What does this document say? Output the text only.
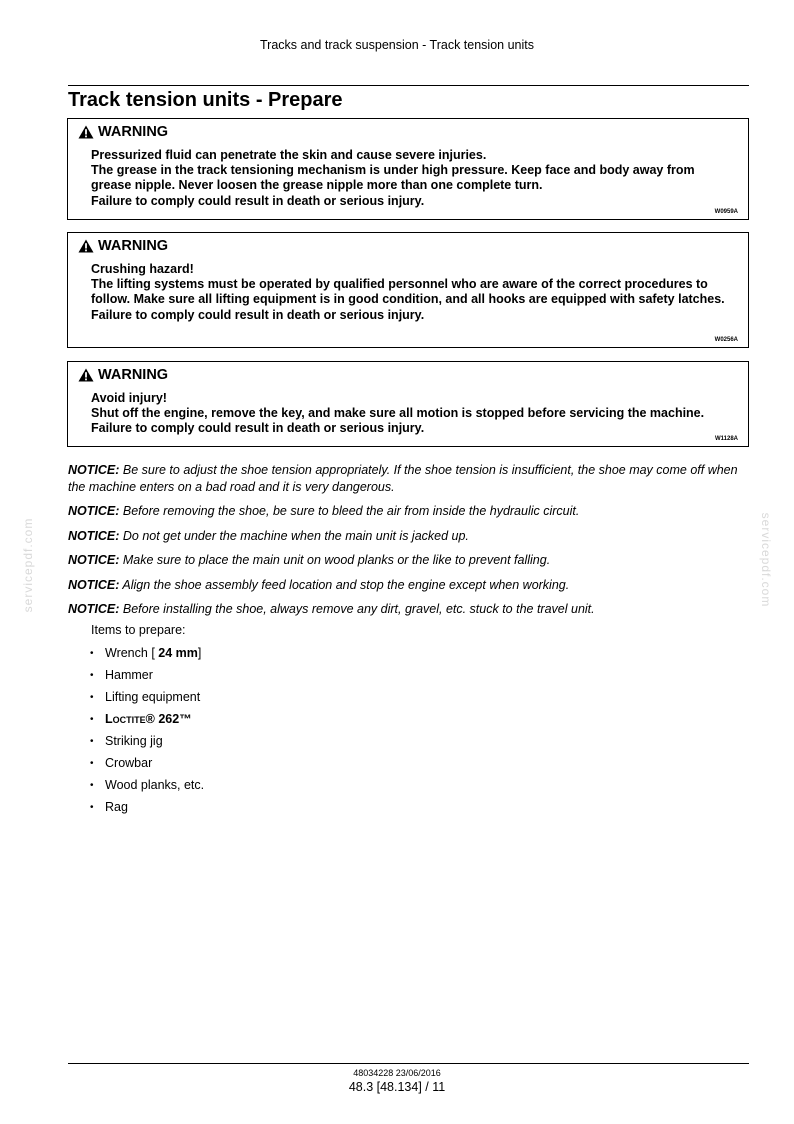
servicepdf.com	servicepdf.com
Tracks and track suspension - Track tension units
Track tension units - Prepare
WARNING
Pressurized fluid can penetrate the skin and cause severe injuries.
The grease in the track tensioning mechanism is under high pressure. Keep face and body away from grease nipple. Never loosen the grease nipple more than one complete turn.
Failure to comply could result in death or serious injury.
W0959A
WARNING
Crushing hazard!
The lifting systems must be operated by qualified personnel who are aware of the correct procedures to follow. Make sure all lifting equipment is in good condition, and all hooks are equipped with safety latches.
Failure to comply could result in death or serious injury.
W0256A
WARNING
Avoid injury!
Shut off the engine, remove the key, and make sure all motion is stopped before servicing the machine.
Failure to comply could result in death or serious injury.
W1128A
NOTICE: Be sure to adjust the shoe tension appropriately. If the shoe tension is insufficient, the shoe may come off when the machine enters on a bad road and it is very dangerous.
NOTICE: Before removing the shoe, be sure to bleed the air from inside the hydraulic circuit.
NOTICE: Do not get under the machine when the main unit is jacked up.
NOTICE: Make sure to place the main unit on wood planks or the like to prevent falling.
NOTICE: Align the shoe assembly feed location and stop the engine except when working.
NOTICE: Before installing the shoe, always remove any dirt, gravel, etc. stuck to the travel unit.
Items to prepare:
• Wrench [ 24 mm]
• Hammer
• Lifting equipment
• Loctite® 262™
• Striking jig
• Crowbar
• Wood planks, etc.
• Rag
48034228 23/06/2016
48.3 [48.134] / 11
